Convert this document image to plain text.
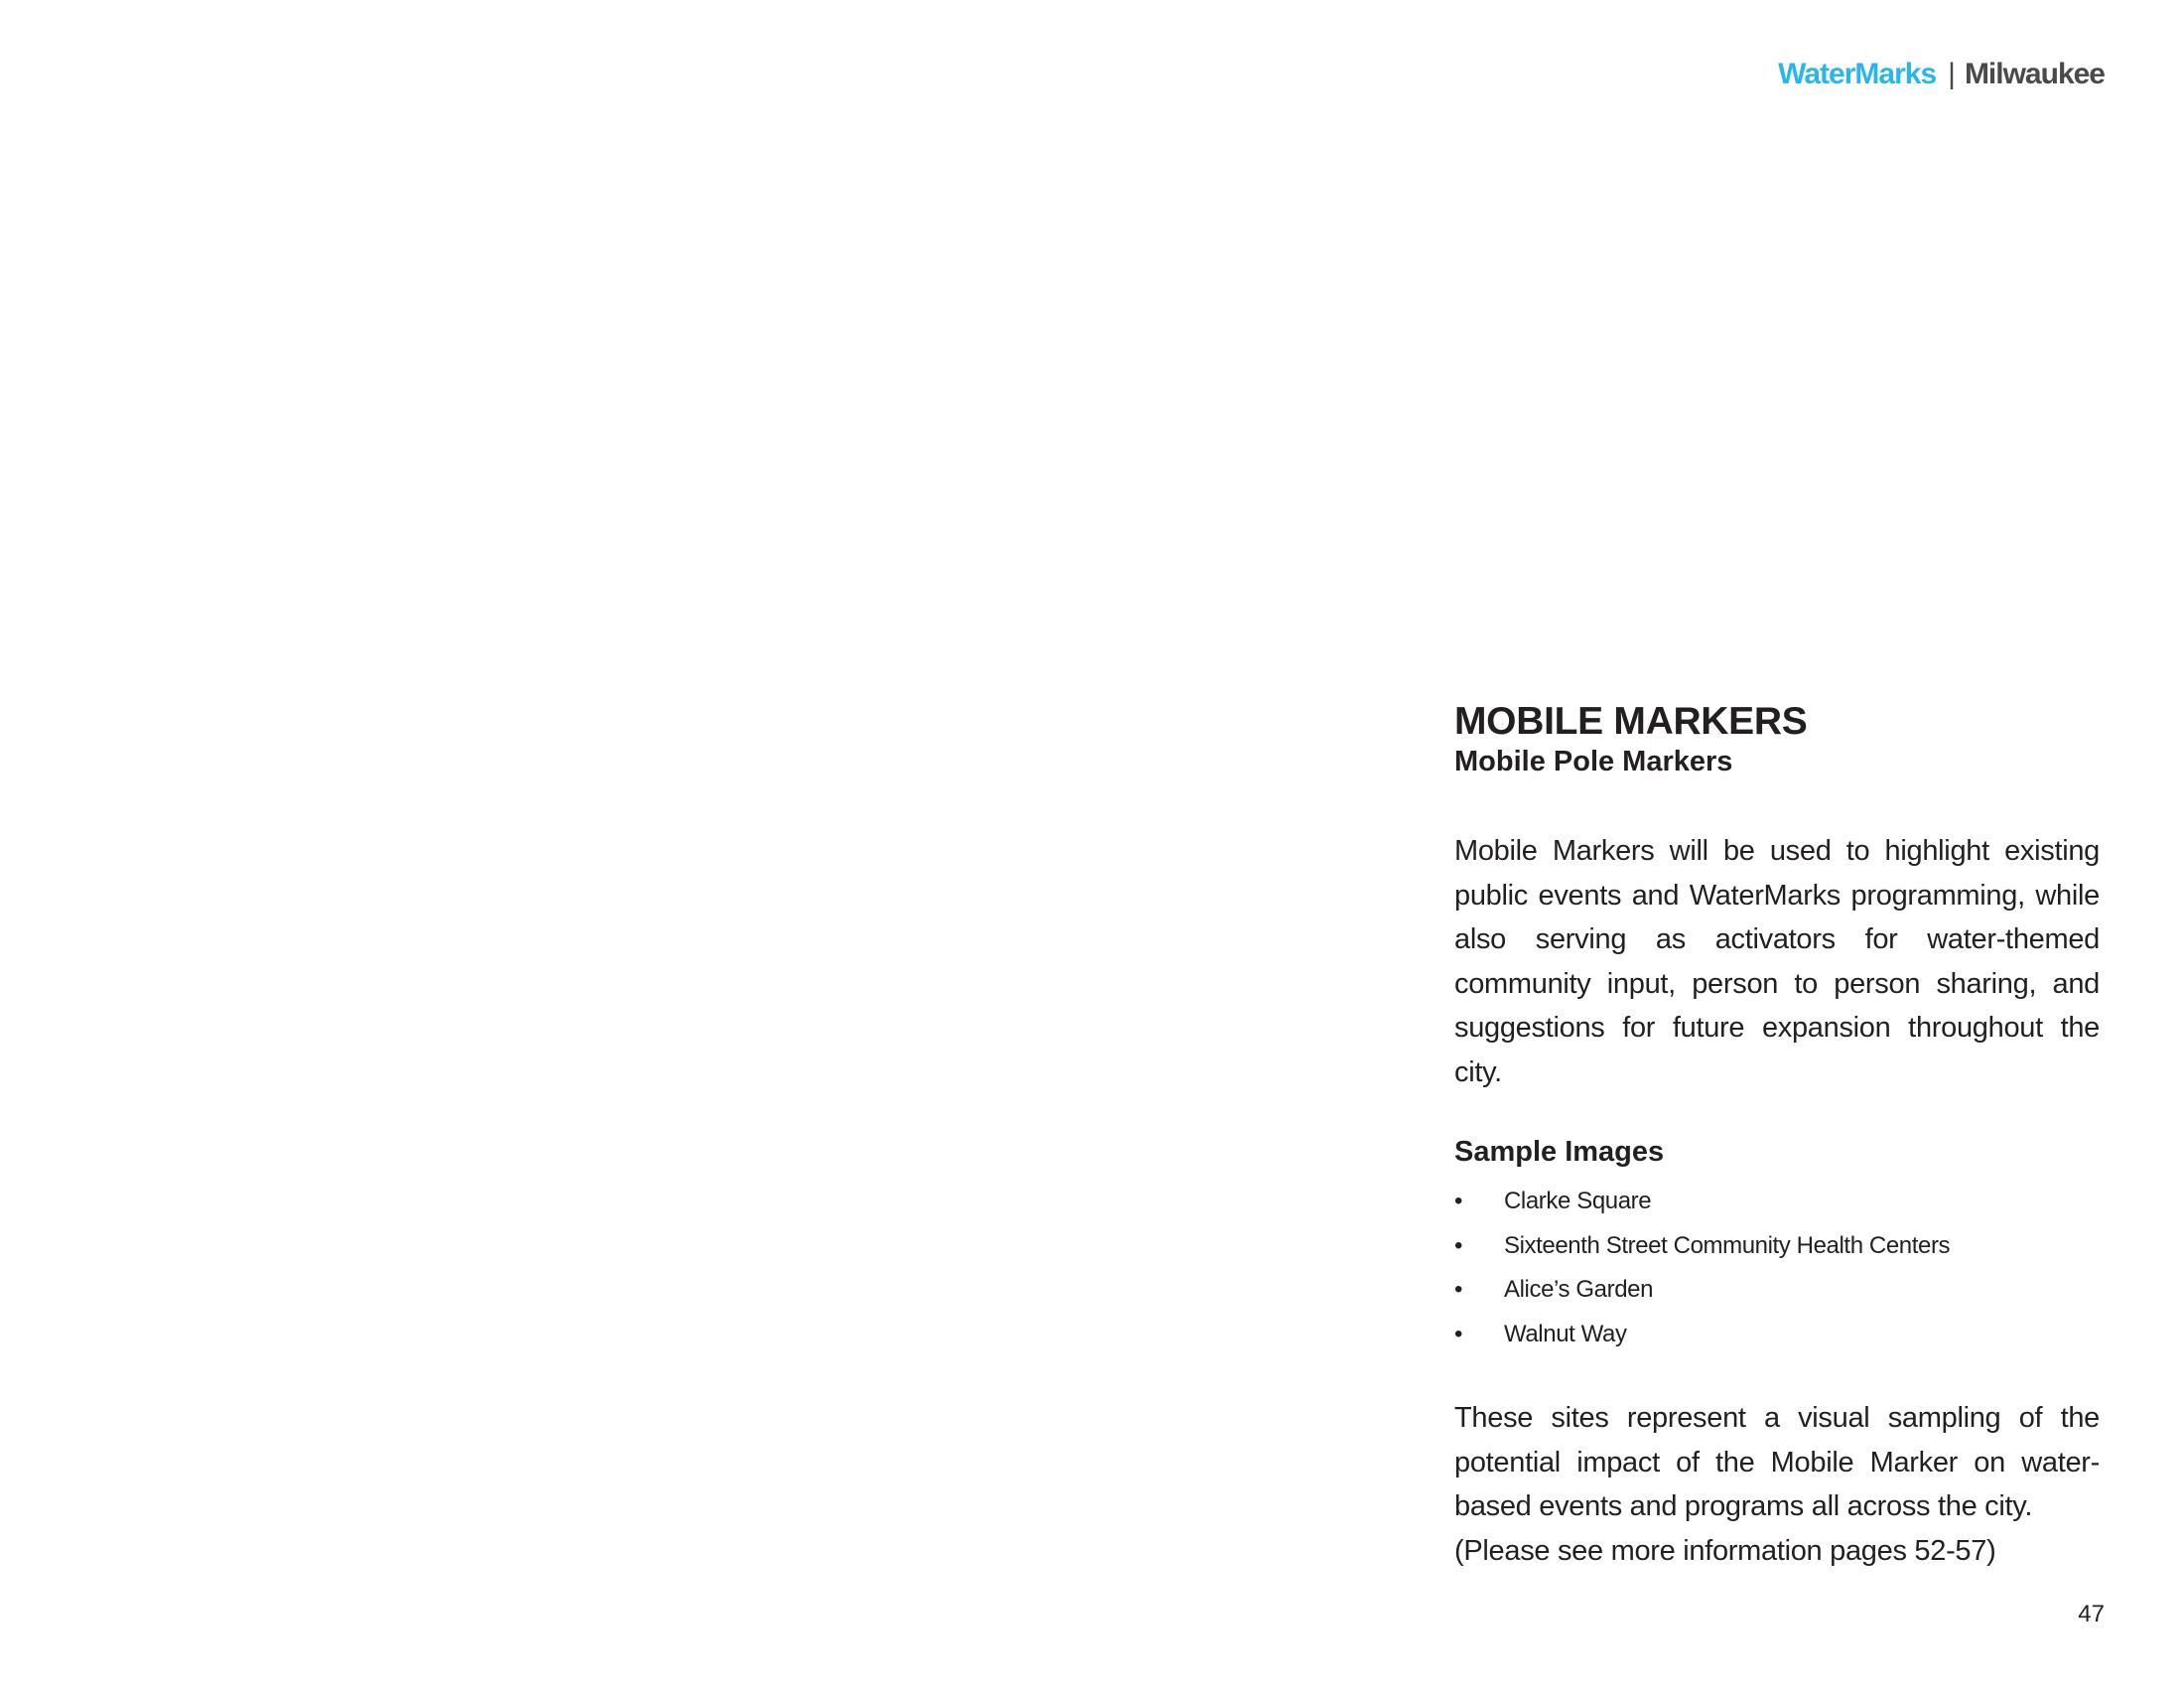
WaterMarks | Milwaukee
MOBILE MARKERS
Mobile Pole Markers

Mobile Markers will be used to highlight existing public events and WaterMarks programming, while also serving as activators for water-themed community input, person to person sharing, and suggestions for future expansion throughout the city.

Sample Images
• Clarke Square
• Sixteenth Street Community Health Centers
• Alice’s Garden
• Walnut Way

These sites represent a visual sampling of the potential impact of the Mobile Marker on water-based events and programs all across the city.

(Please see more information pages 52-57)

47
